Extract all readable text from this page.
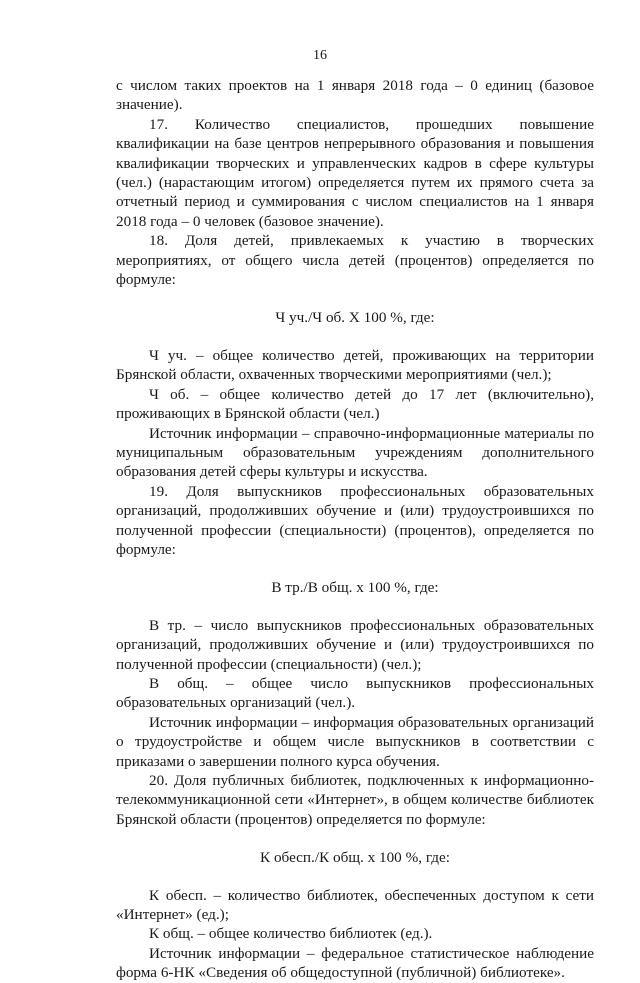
16

с числом таких проектов на 1 января 2018 года – 0 единиц (базовое значение).

17. Количество специалистов, прошедших повышение квалификации на базе центров непрерывного образования и повышения квалификации творческих и управленческих кадров в сфере культуры (чел.) (нарастающим итогом) определяется путем их прямого счета за отчетный период и суммирования с числом специалистов на 1 января 2018 года – 0 человек (базовое значение).

18. Доля детей, привлекаемых к участию в творческих мероприятиях, от общего числа детей (процентов) определяется по формуле:

Ч уч./Ч об. Х 100 %, где:

Ч уч. – общее количество детей, проживающих на территории Брянской области, охваченных творческими мероприятиями (чел.);

Ч об. – общее количество детей до 17 лет (включительно), проживающих в Брянской области (чел.)

Источник информации – справочно-информационные материалы по муниципальным образовательным учреждениям дополнительного образования детей сферы культуры и искусства.

19. Доля выпускников профессиональных образовательных организаций, продолживших обучение и (или) трудоустроившихся по полученной профессии (специальности) (процентов), определяется по формуле:

В тр./В общ. х 100 %, где:

В тр. – число выпускников профессиональных образовательных организаций, продолживших обучение и (или) трудоустроившихся по полученной профессии (специальности) (чел.);

В общ. – общее число выпускников профессиональных образовательных организаций (чел.).

Источник информации – информация образовательных организаций о трудоустройстве и общем числе выпускников в соответствии с приказами о завершении полного курса обучения.

20. Доля публичных библиотек, подключенных к информационно-телекоммуникационной сети «Интернет», в общем количестве библиотек Брянской области (процентов) определяется по формуле:

К обесп./К общ. х 100 %, где:

К обесп. – количество библиотек, обеспеченных доступом к сети «Интернет» (ед.);

К общ. – общее количество библиотек (ед.).

Источник информации – федеральное статистическое наблюдение форма 6-НК «Сведения об общедоступной (публичной) библиотеке».
